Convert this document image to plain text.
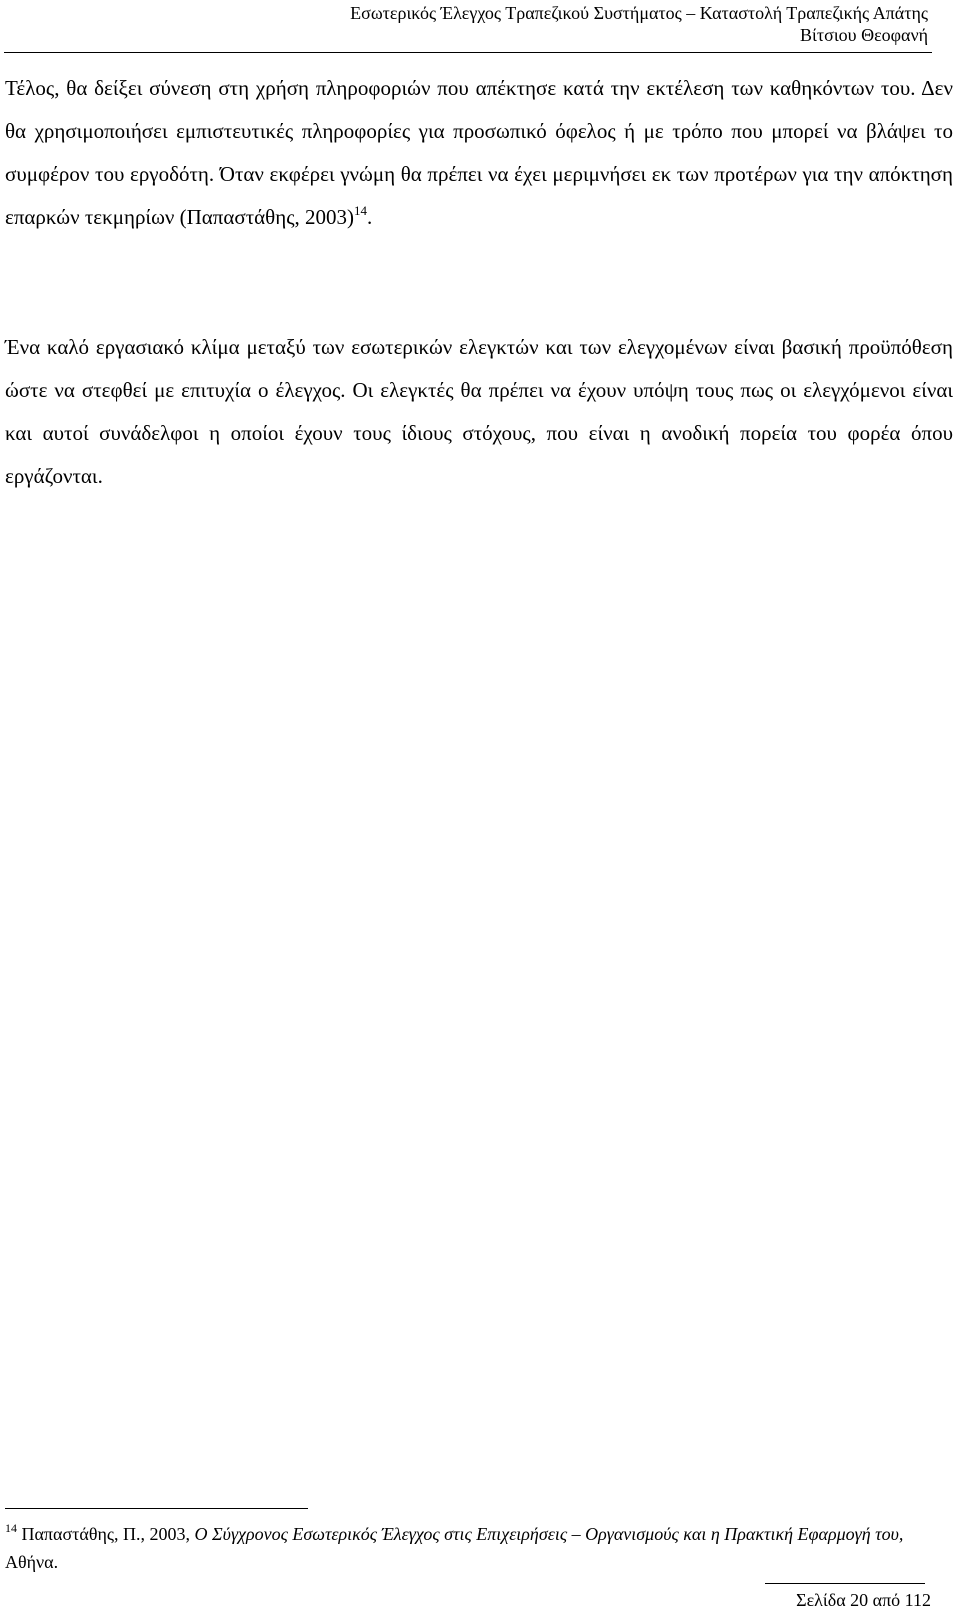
Εσωτερικός Έλεγχος Τραπεζικού Συστήματος – Καταστολή Τραπεζικής Απάτης
Βίτσιου Θεοφανή

Τέλος, θα δείξει σύνεση στη χρήση πληροφοριών που απέκτησε κατά την εκτέλεση των καθηκόντων του. Δεν θα χρησιμοποιήσει εμπιστευτικές πληροφορίες για προσωπικό όφελος ή με τρόπο που μπορεί να βλάψει το συμφέρον του εργοδότη. Όταν εκφέρει γνώμη θα πρέπει να έχει μεριμνήσει εκ των προτέρων για την απόκτηση επαρκών τεκμηρίων (Παπαστάθης, 2003)$^{14}$.

Ένα καλό εργασιακό κλίμα μεταξύ των εσωτερικών ελεγκτών και των ελεγχομένων είναι βασική προϋπόθεση ώστε να στεφθεί με επιτυχία ο έλεγχος. Οι ελεγκτές θα πρέπει να έχουν υπόψη τους πως οι ελεγχόμενοι είναι και αυτοί συνάδελφοι η οποίοι έχουν τους ίδιους στόχους, που είναι η ανοδική πορεία του φορέα όπου εργάζονται.

$^{14}$ Παπαστάθης, Π., 2003, Ο Σύγχρονος Εσωτερικός Έλεγχος στις Επιχειρήσεις – Οργανισμούς και η Πρακτική Εφαρμογή του, Αθήνα.
Σελίδα 20 από 112
